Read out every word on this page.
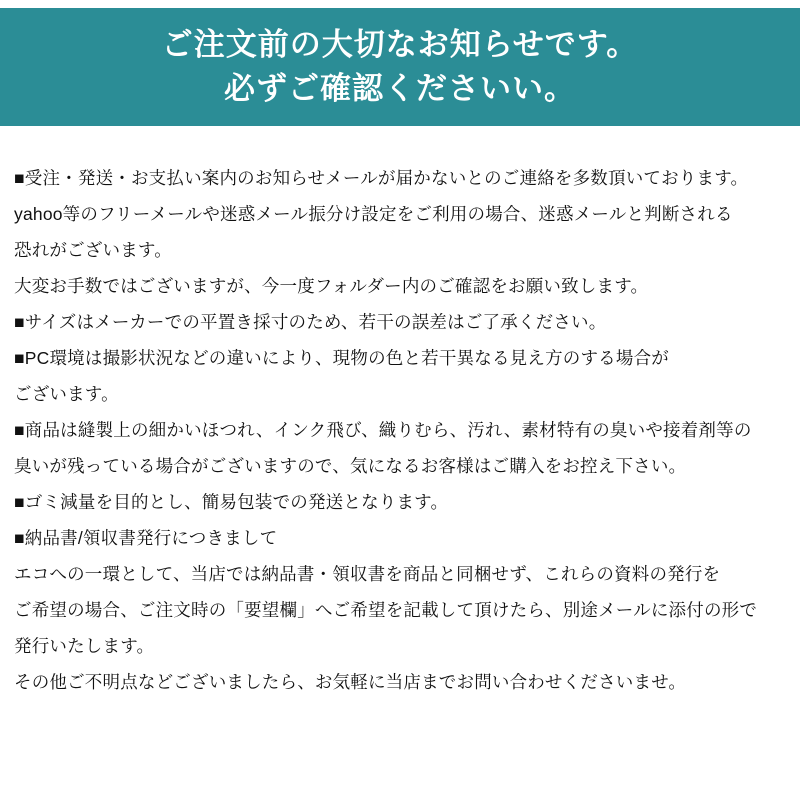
ご注文前の大切なお知らせです。
必ずご確認くださいい。

■受注・発送・お支払い案内のお知らせメールが届かないとのご連絡を多数頂いております。

yahoo等のフリーメールや迷惑メール振分け設定をご利用の場合、迷惑メールと判断される

恐れがございます。

大変お手数ではございますが、今一度フォルダー内のご確認をお願い致します。

■サイズはメーカーでの平置き採寸のため、若干の誤差はご了承ください。

■PC環境は撮影状況などの違いにより、現物の色と若干異なる見え方のする場合が

ございます。

■商品は縫製上の細かいほつれ、インク飛び、織りむら、汚れ、素材特有の臭いや接着剤等の

臭いが残っている場合がございますので、気になるお客様はご購入をお控え下さい。

■ゴミ減量を目的とし、簡易包装での発送となります。

■納品書/領収書発行につきまして

エコへの一環として、当店では納品書・領収書を商品と同梱せず、これらの資料の発行を

ご希望の場合、ご注文時の「要望欄」へご希望を記載して頂けたら、別途メールに添付の形で

発行いたします。

その他ご不明点などございましたら、お気軽に当店までお問い合わせくださいませ。
